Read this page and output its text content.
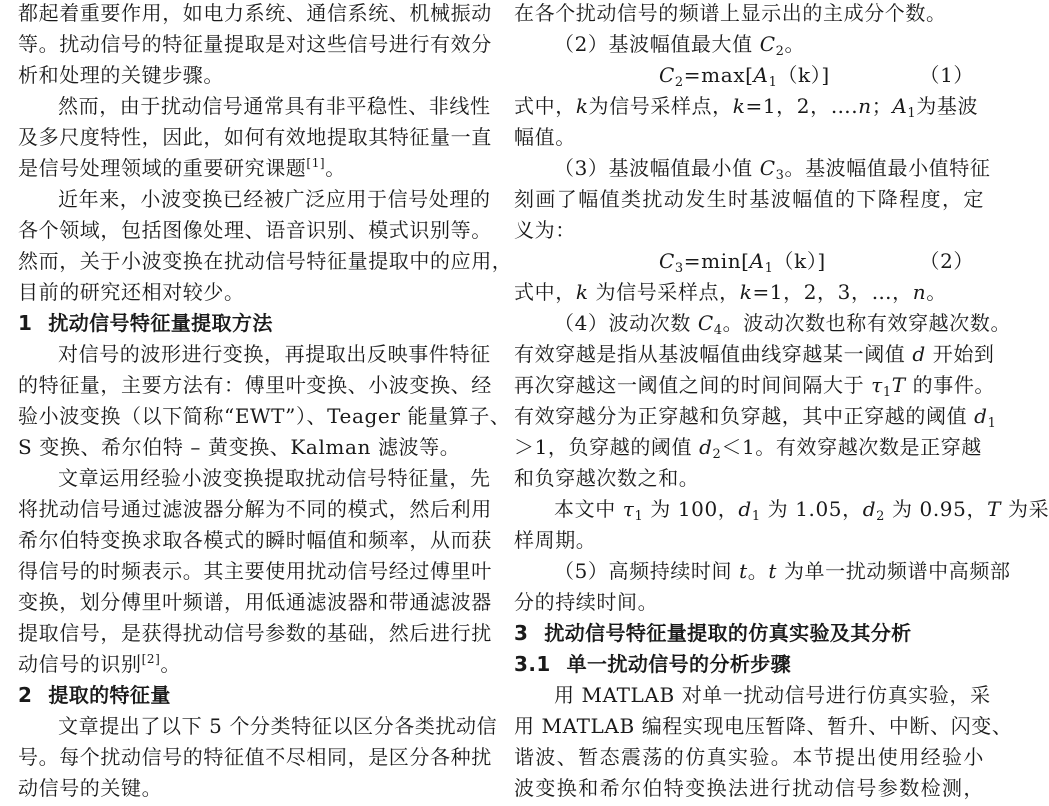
都起着重要作用，如电力系统、通信系统、机械振动
等。扰动信号的特征量提取是对这些信号进行有效分
析和处理的关键步骤。
然而，由于扰动信号通常具有非平稳性、非线性
及多尺度特性，因此，如何有效地提取其特征量一直
是信号处理领域的重要研究课题[1]。
近年来，小波变换已经被广泛应用于信号处理的
各个领域，包括图像处理、语音识别、模式识别等。
然而，关于小波变换在扰动信号特征量提取中的应用，
目前的研究还相对较少。
1 扰动信号特征量提取方法
对信号的波形进行变换，再提取出反映事件特征
的特征量，主要方法有：傅里叶变换、小波变换、经
验小波变换（以下简称“EWT”）、Teager 能量算子、
S 变换、希尔伯特 – 黄变换、Kalman 滤波等。
文章运用经验小波变换提取扰动信号特征量，先
将扰动信号通过滤波器分解为不同的模式，然后利用
希尔伯特变换求取各模式的瞬时幅值和频率，从而获
得信号的时频表示。其主要使用扰动信号经过傅里叶
变换，划分傅里叶频谱，用低通滤波器和带通滤波器
提取信号，是获得扰动信号参数的基础，然后进行扰
动信号的识别[2]。
2 提取的特征量
文章提出了以下 5 个分类特征以区分各类扰动信
号。每个扰动信号的特征值不尽相同，是区分各种扰
动信号的关键。
在各个扰动信号的频谱上显示出的主成分个数。
（2）基波幅值最大值 $C_2$。

$C_2=\max[A_1(k)]$

	（1）

式中，k为信号采样点，k=1，2，….n；$A_1$为基波
幅值。
（3）基波幅值最小值 $C_3$。基波幅值最小值特征
刻画了幅值类扰动发生时基波幅值的下降程度，定
义为：

$C_3=\min[A_1(k)]$

	（2）

式中，k 为信号采样点，k=1，2，3，…，n。
（4）波动次数 $C_4$。波动次数也称有效穿越次数。
有效穿越是指从基波幅值曲线穿越某一阈值 d 开始到
再次穿越这一阈值之间的时间间隔大于 $\tau_1T$ 的事件。
有效穿越分为正穿越和负穿越，其中正穿越的阈值 $d_1$
＞1，负穿越的阈值 $d_2<1$。有效穿越次数是正穿越
和负穿越次数之和。
本文中 $\tau_1$ 为 100，$d_1$ 为 1.05，$d_2$ 为 0.95，T 为采
样周期。
（5）高频持续时间 t。t 为单一扰动频谱中高频部
分的持续时间。
3 扰动信号特征量提取的仿真实验及其分析
3.1 单一扰动信号的分析步骤
用 MATLAB 对单一扰动信号进行仿真实验，采
用 MATLAB 编程实现电压暂降、暂升、中断、闪变、
谐波、暂态震荡的仿真实验。本节提出使用经验小
波变换和希尔伯特变换法进行扰动信号参数检测，
